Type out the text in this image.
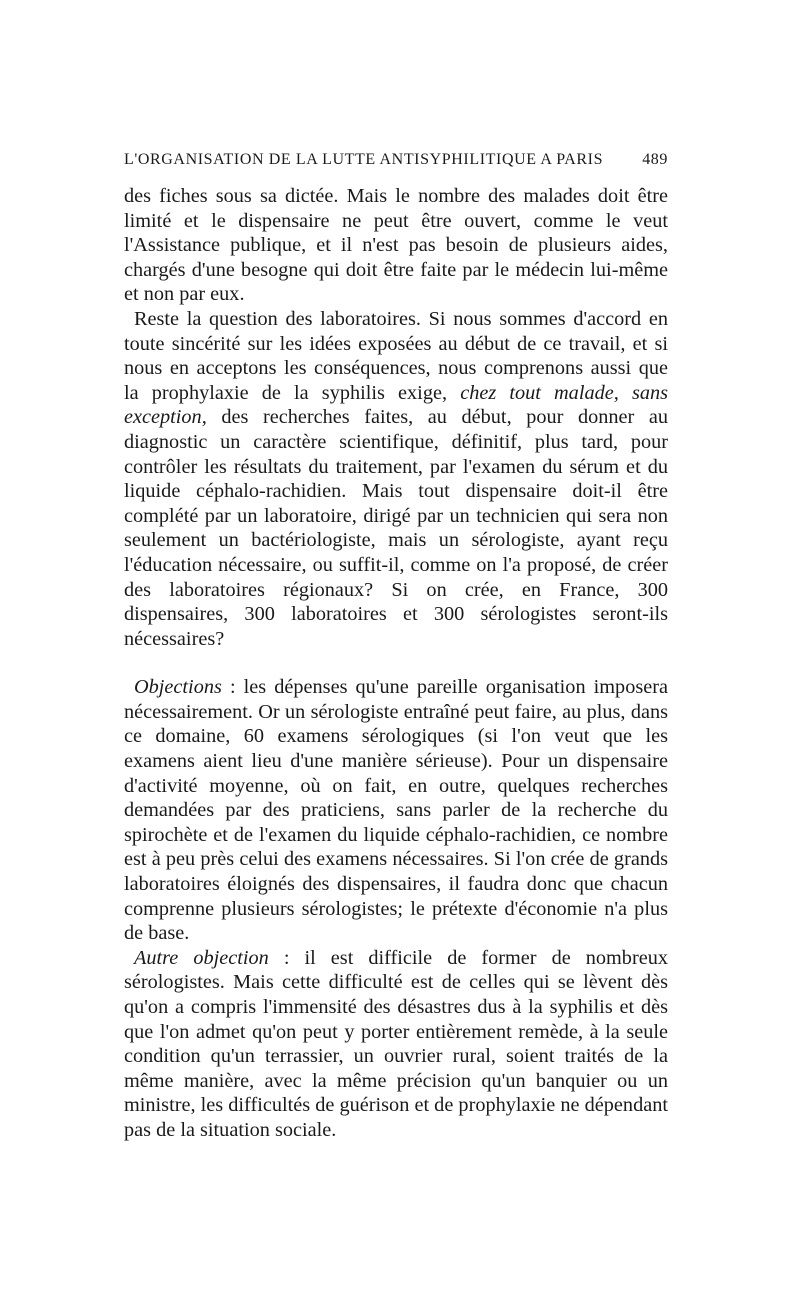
L'ORGANISATION DE LA LUTTE ANTISYPHILITIQUE A PARIS 489

des fiches sous sa dictée. Mais le nombre des malades doit être limité et le dispensaire ne peut être ouvert, comme le veut l'Assistance publique, et il n'est pas besoin de plusieurs aides, chargés d'une besogne qui doit être faite par le médecin lui-même et non par eux.

Reste la question des laboratoires. Si nous sommes d'accord en toute sincérité sur les idées exposées au début de ce travail, et si nous en acceptons les conséquences, nous comprenons aussi que la prophylaxie de la syphilis exige, chez tout malade, sans exception, des recherches faites, au début, pour donner au diagnostic un caractère scientifique, définitif, plus tard, pour contrôler les résultats du traitement, par l'examen du sérum et du liquide céphalo-rachidien. Mais tout dispensaire doit-il être complété par un laboratoire, dirigé par un technicien qui sera non seulement un bactériologiste, mais un sérologiste, ayant reçu l'éducation nécessaire, ou suffit-il, comme on l'a proposé, de créer des laboratoires régionaux? Si on crée, en France, 300 dispensaires, 300 laboratoires et 300 sérologistes seront-ils nécessaires?

Objections : les dépenses qu'une pareille organisation imposera nécessairement. Or un sérologiste entraîné peut faire, au plus, dans ce domaine, 60 examens sérologiques (si l'on veut que les examens aient lieu d'une manière sérieuse). Pour un dispensaire d'activité moyenne, où on fait, en outre, quelques recherches demandées par des praticiens, sans parler de la recherche du spirochète et de l'examen du liquide céphalo-rachidien, ce nombre est à peu près celui des examens nécessaires. Si l'on crée de grands laboratoires éloignés des dispensaires, il faudra donc que chacun comprenne plusieurs sérologistes; le prétexte d'économie n'a plus de base.

Autre objection : il est difficile de former de nombreux sérologistes. Mais cette difficulté est de celles qui se lèvent dès qu'on a compris l'immensité des désastres dus à la syphilis et dès que l'on admet qu'on peut y porter entièrement remède, à la seule condition qu'un terrassier, un ouvrier rural, soient traités de la même manière, avec la même précision qu'un banquier ou un ministre, les difficultés de guérison et de prophylaxie ne dépendant pas de la situation sociale.
